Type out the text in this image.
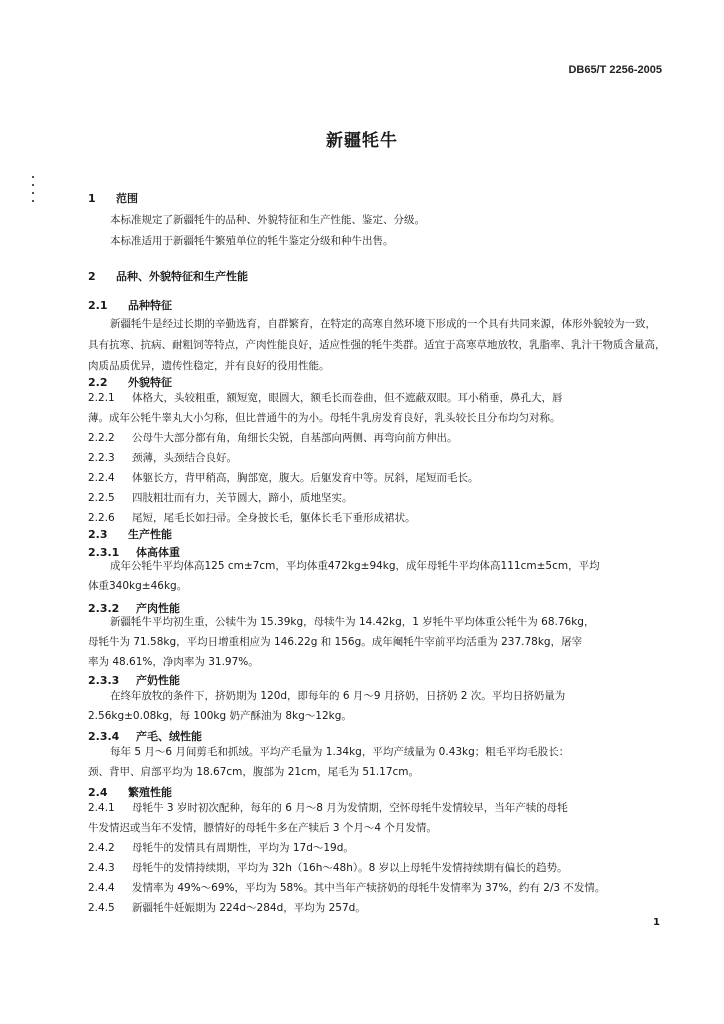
DB65/T 2256-2005
新疆牦牛
1 范围
本标准规定了新疆牦牛的品种、外貌特征和生产性能、鉴定、分级。
本标准适用于新疆牦牛繁殖单位的牦牛鉴定分级和种牛出售。
2 品种、外貌特征和生产性能
2.1 品种特征
新疆牦牛是经过长期的辛勤选育，自群繁育，在特定的高寒自然环境下形成的一个具有共同来源，体形外貌较为一致，具有抗寒、抗病、耐粗饲等特点，产肉性能良好，适应性强的牦牛类群。适宜于高寒草地放牧，乳脂率、乳汁干物质含量高，肉质品质优异，遗传性稳定，并有良好的役用性能。
2.2 外貌特征
2.2.1 体格大，头较粗重，额短宽，眼圆大，额毛长而卷曲，但不遮蔽双眼。耳小稍垂，鼻孔大，唇
薄。成年公牦牛睾丸大小匀称，但比普通牛的为小。母牦牛乳房发育良好，乳头较长且分布均匀对称。
2.2.2 公母牛大部分都有角，角细长尖锐，自基部向两侧、再弯向前方伸出。
2.2.3 颈薄，头颈结合良好。
2.2.4 体躯长方，背甲稍高，胸部宽，腹大。后躯发育中等。尻斜，尾短而毛长。
2.2.5 四肢粗壮而有力，关节圆大，蹄小，质地坚实。
2.2.6 尾短，尾毛长如扫帚。全身披长毛，躯体长毛下垂形成裙状。
2.3 生产性能
2.3.1 体高体重
成年公牦牛平均体高125 cm±7cm，平均体重472kg±94kg，成年母牦牛平均体高111cm±5cm，平均
体重340kg±46kg。
2.3.2 产肉性能
新疆牦牛平均初生重，公犊牛为 15.39kg，母犊牛为 14.42kg，1 岁牦牛平均体重公牦牛为 68.76kg，
母牦牛为 71.58kg，平均日增重相应为 146.22g 和 156g。成年阉牦牛宰前平均活重为 237.78kg，屠宰
率为 48.61%，净肉率为 31.97%。
2.3.3 产奶性能
在终年放牧的条件下，挤奶期为 120d，即每年的 6 月～9 月挤奶，日挤奶 2 次。平均日挤奶量为
2.56kg±0.08kg，每 100kg 奶产酥油为 8kg～12kg。
2.3.4 产毛、绒性能
每年 5 月～6 月间剪毛和抓绒。平均产毛量为 1.34kg，平均产绒量为 0.43kg；粗毛平均毛股长：
颈、背甲、肩部平均为 18.67cm，腹部为 21cm，尾毛为 51.17cm。
2.4 繁殖性能
2.4.1 母牦牛 3 岁时初次配种，每年的 6 月～8 月为发情期，空怀母牦牛发情较早，当年产犊的母牦
牛发情迟或当年不发情，膘情好的母牦牛多在产犊后 3 个月～4 个月发情。
2.4.2 母牦牛的发情具有周期性，平均为 17d～19d。
2.4.3 母牦牛的发情持续期，平均为 32h（16h～48h）。8 岁以上母牦牛发情持续期有偏长的趋势。
2.4.4 发情率为 49%～69%，平均为 58%。其中当年产犊挤奶的母牦牛发情率为 37%，约有 2/3 不发情。
2.4.5 新疆牦牛妊娠期为 224d～284d，平均为 257d。
1
